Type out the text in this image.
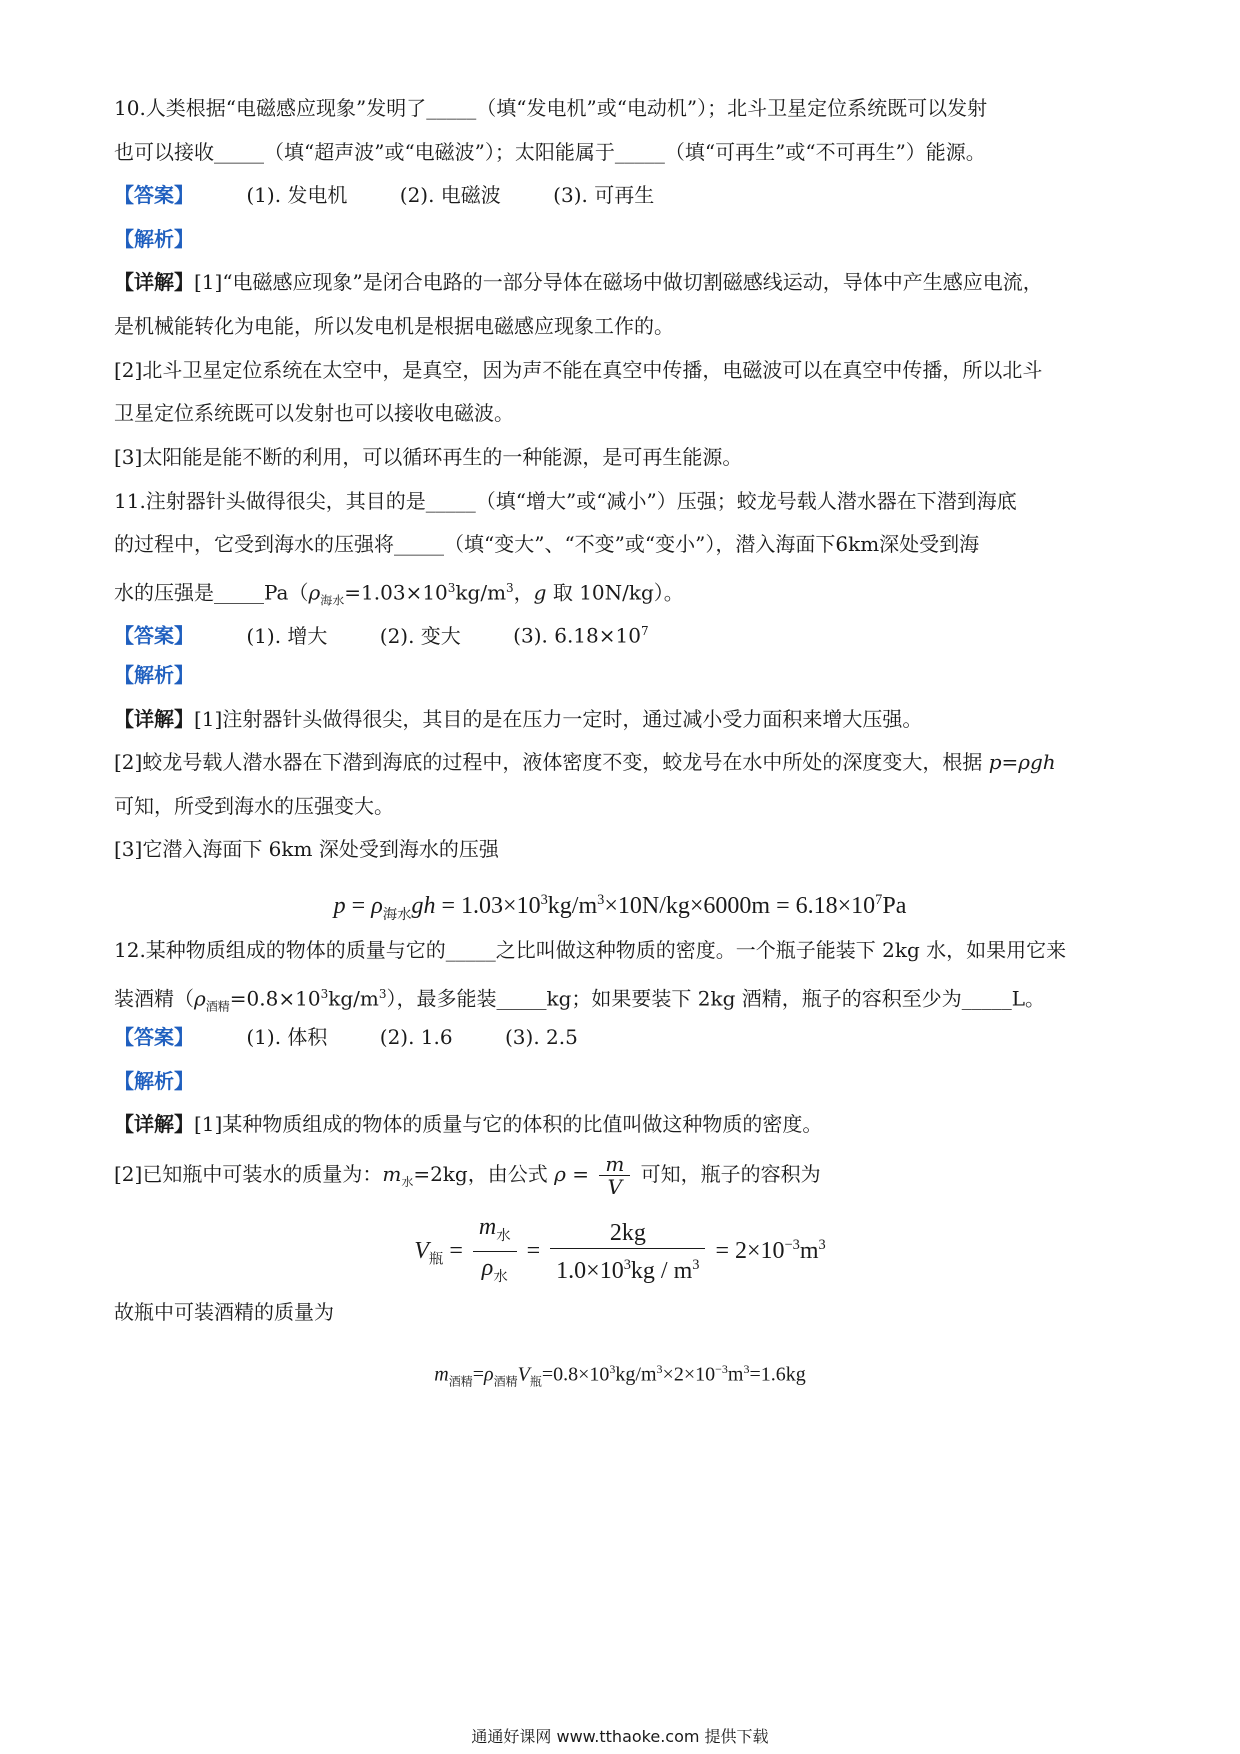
10.人类根据“电磁感应现象”发明了_____（填“发电机”或“电动机”）；北斗卫星定位系统既可以发射
也可以接收_____（填“超声波”或“电磁波”）；太阳能属于_____（填“可再生”或“不可再生”）能源。
【答案】	(1). 发电机	(2). 电磁波	(3). 可再生
【解析】
【详解】[1]“电磁感应现象”是闭合电路的一部分导体在磁场中做切割磁感线运动，导体中产生感应电流，
是机械能转化为电能，所以发电机是根据电磁感应现象工作的。
[2]北斗卫星定位系统在太空中，是真空，因为声不能在真空中传播，电磁波可以在真空中传播，所以北斗
卫星定位系统既可以发射也可以接收电磁波。
[3]太阳能是能不断的利用，可以循环再生的一种能源，是可再生能源。
11.注射器针头做得很尖，其目的是_____（填“增大”或“减小”）压强；蛟龙号载人潜水器在下潜到海底
的过程中，它受到海水的压强将_____（填“变大”、“不变”或“变小”），潜入海面下6km深处受到海
水的压强是$\_\_\_\_\_Pa(\rho_{海水}=1.03\times 10^3kg/m^3$，g 取 10N/kg）。
【答案】	(1). 增大	(2). 变大	(3). $6.18\times 10^7$
【解析】
【详解】[1]注射器针头做得很尖，其目的是在压力一定时，通过减小受力面积来增大压强。
[2]蛟龙号载人潜水器在下潜到海底的过程中，液体密度不变，蛟龙号在水中所处的深度变大，根据 p=ρgh
可知，所受到海水的压强变大。
[3]它潜入海面下 6km 深处受到海水的压强
$p = \rho_{海水}gh = 1.03\times 10^3kg/m^3\times 10N/kg\times 6000m = 6.18\times 10^7Pa$
12.某种物质组成的物体的质量与它的_____之比叫做这种物质的密度。一个瓶子能装下 2kg 水，如果用它来
装酒精$(\rho_{酒精}=0.8\times 10^3kg/m^3)$，最多能装_____kg；如果要装下 2kg 酒精，瓶子的容积至少为_____L。
【答案】	(1). 体积	(2). 1.6	(3). 2.5
【解析】
【详解】[1]某种物质组成的物体的质量与它的体积的比值叫做这种物质的密度。
[2]已知瓶中可装水的质量为：$m_水=2kg$，由公式 $\rho = \frac{m}{V}$ 可知，瓶子的容积为
$V_瓶 = \frac{m_水}{\rho_水} = \frac{2kg}{1.0\times 10^3kg / m^3} = 2\times 10^{-3}m^3$
故瓶中可装酒精的质量为
$m_{酒精}=\rho_{酒精}V_瓶=0.8\times 10^3kg/m^3\times 2\times 10^{-3}m^3=1.6kg$
通通好课网 www.tthaoke.com 提供下载
